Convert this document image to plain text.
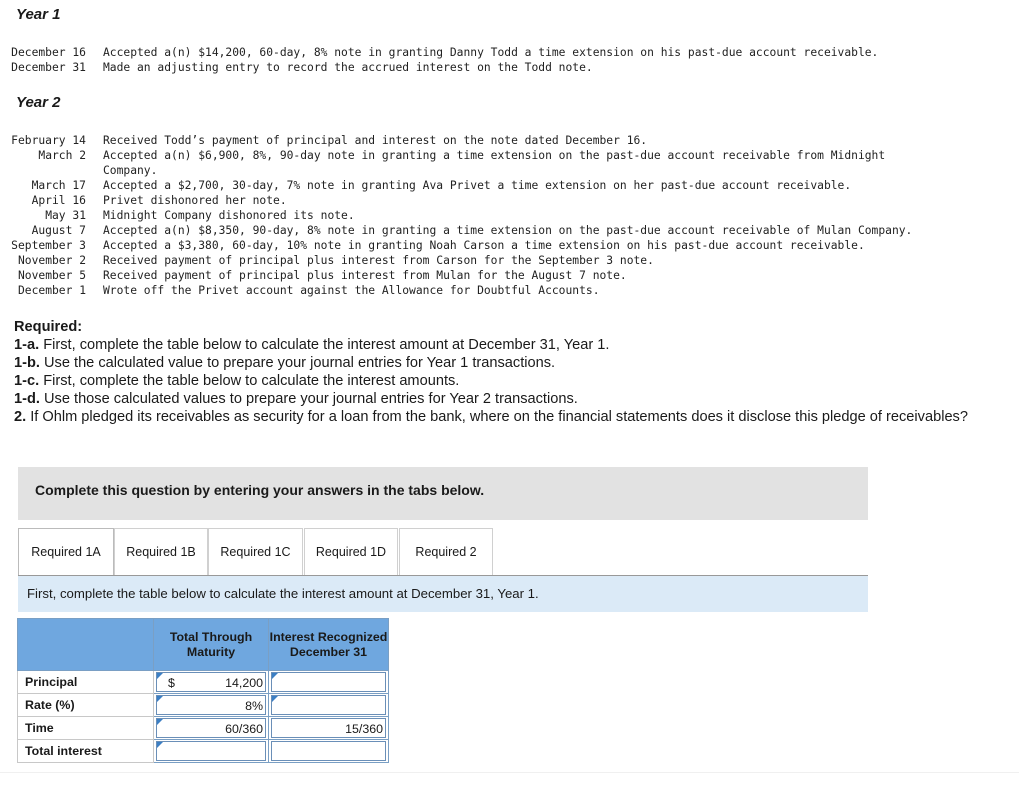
Year 1
December 16 Accepted a(n) $14,200, 60-day, 8% note in granting Danny Todd a time extension on his past-due account receivable.
December 31 Made an adjusting entry to record the accrued interest on the Todd note.
Year 2
February 14 Received Todd’s payment of principal and interest on the note dated December 16.
March 2 Accepted a(n) $6,900, 8%, 90-day note in granting a time extension on the past-due account receivable from Midnight
Company.
March 17 Accepted a $2,700, 30-day, 7% note in granting Ava Privet a time extension on her past-due account receivable.
April 16 Privet dishonored her note.
May 31 Midnight Company dishonored its note.
August 7 Accepted a(n) $8,350, 90-day, 8% note in granting a time extension on the past-due account receivable of Mulan Company.
September 3 Accepted a $3,380, 60-day, 10% note in granting Noah Carson a time extension on his past-due account receivable.
November 2 Received payment of principal plus interest from Carson for the September 3 note.
November 5 Received payment of principal plus interest from Mulan for the August 7 note.
December 1 Wrote off the Privet account against the Allowance for Doubtful Accounts.
Required:
1-a. First, complete the table below to calculate the interest amount at December 31, Year 1.
1-b. Use the calculated value to prepare your journal entries for Year 1 transactions.
1-c. First, complete the table below to calculate the interest amounts.
1-d. Use those calculated values to prepare your journal entries for Year 2 transactions.
2. If Ohlm pledged its receivables as security for a loan from the bank, where on the financial statements does it disclose this pledge of receivables?
Complete this question by entering your answers in the tabs below.
Required 1A	Required 1B	Required 1C	Required 1D	Required 2
First, complete the table below to calculate the interest amount at December 31, Year 1.
	Total Through Maturity	Interest Recognized December 31
Principal	$ 14,200	

Rate (%)	8%	

Time	60/360	15/360

Total interest	
